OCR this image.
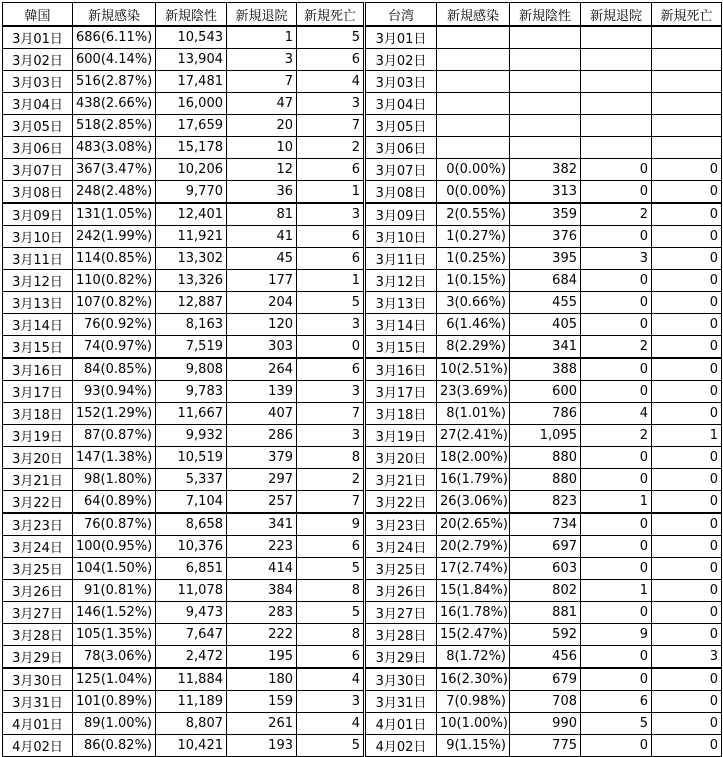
韓国	新規感染	新規陰性	新規退院	新規死亡	台湾	新規感染	新規陰性	新規退院	新規死亡
3月01日	686(6.11%)	10,543	1	5	3月01日				
3月02日	600(4.14%)	13,904	3	6	3月02日				
3月03日	516(2.87%)	17,481	7	4	3月03日				
3月04日	438(2.66%)	16,000	47	3	3月04日				
3月05日	518(2.85%)	17,659	20	7	3月05日				
3月06日	483(3.08%)	15,178	10	2	3月06日				
3月07日	367(3.47%)	10,206	12	6	3月07日	0(0.00%)	382	0	0
3月08日	248(2.48%)	9,770	36	1	3月08日	0(0.00%)	313	0	0
3月09日	131(1.05%)	12,401	81	3	3月09日	2(0.55%)	359	2	0
3月10日	242(1.99%)	11,921	41	6	3月10日	1(0.27%)	376	0	0
3月11日	114(0.85%)	13,302	45	6	3月11日	1(0.25%)	395	3	0
3月12日	110(0.82%)	13,326	177	1	3月12日	1(0.15%)	684	0	0
3月13日	107(0.82%)	12,887	204	5	3月13日	3(0.66%)	455	0	0
3月14日	76(0.92%)	8,163	120	3	3月14日	6(1.46%)	405	0	0
3月15日	74(0.97%)	7,519	303	0	3月15日	8(2.29%)	341	2	0
3月16日	84(0.85%)	9,808	264	6	3月16日	10(2.51%)	388	0	0
3月17日	93(0.94%)	9,783	139	3	3月17日	23(3.69%)	600	0	0
3月18日	152(1.29%)	11,667	407	7	3月18日	8(1.01%)	786	4	0
3月19日	87(0.87%)	9,932	286	3	3月19日	27(2.41%)	1,095	2	1
3月20日	147(1.38%)	10,519	379	8	3月20日	18(2.00%)	880	0	0
3月21日	98(1.80%)	5,337	297	2	3月21日	16(1.79%)	880	0	0
3月22日	64(0.89%)	7,104	257	7	3月22日	26(3.06%)	823	1	0
3月23日	76(0.87%)	8,658	341	9	3月23日	20(2.65%)	734	0	0
3月24日	100(0.95%)	10,376	223	6	3月24日	20(2.79%)	697	0	0
3月25日	104(1.50%)	6,851	414	5	3月25日	17(2.74%)	603	0	0
3月26日	91(0.81%)	11,078	384	8	3月26日	15(1.84%)	802	1	0
3月27日	146(1.52%)	9,473	283	5	3月27日	16(1.78%)	881	0	0
3月28日	105(1.35%)	7,647	222	8	3月28日	15(2.47%)	592	9	0
3月29日	78(3.06%)	2,472	195	6	3月29日	8(1.72%)	456	0	3
3月30日	125(1.04%)	11,884	180	4	3月30日	16(2.30%)	679	0	0
3月31日	101(0.89%)	11,189	159	3	3月31日	7(0.98%)	708	6	0
4月01日	89(1.00%)	8,807	261	4	4月01日	10(1.00%)	990	5	0
4月02日	86(0.82%)	10,421	193	5	4月02日	9(1.15%)	775	0	0
